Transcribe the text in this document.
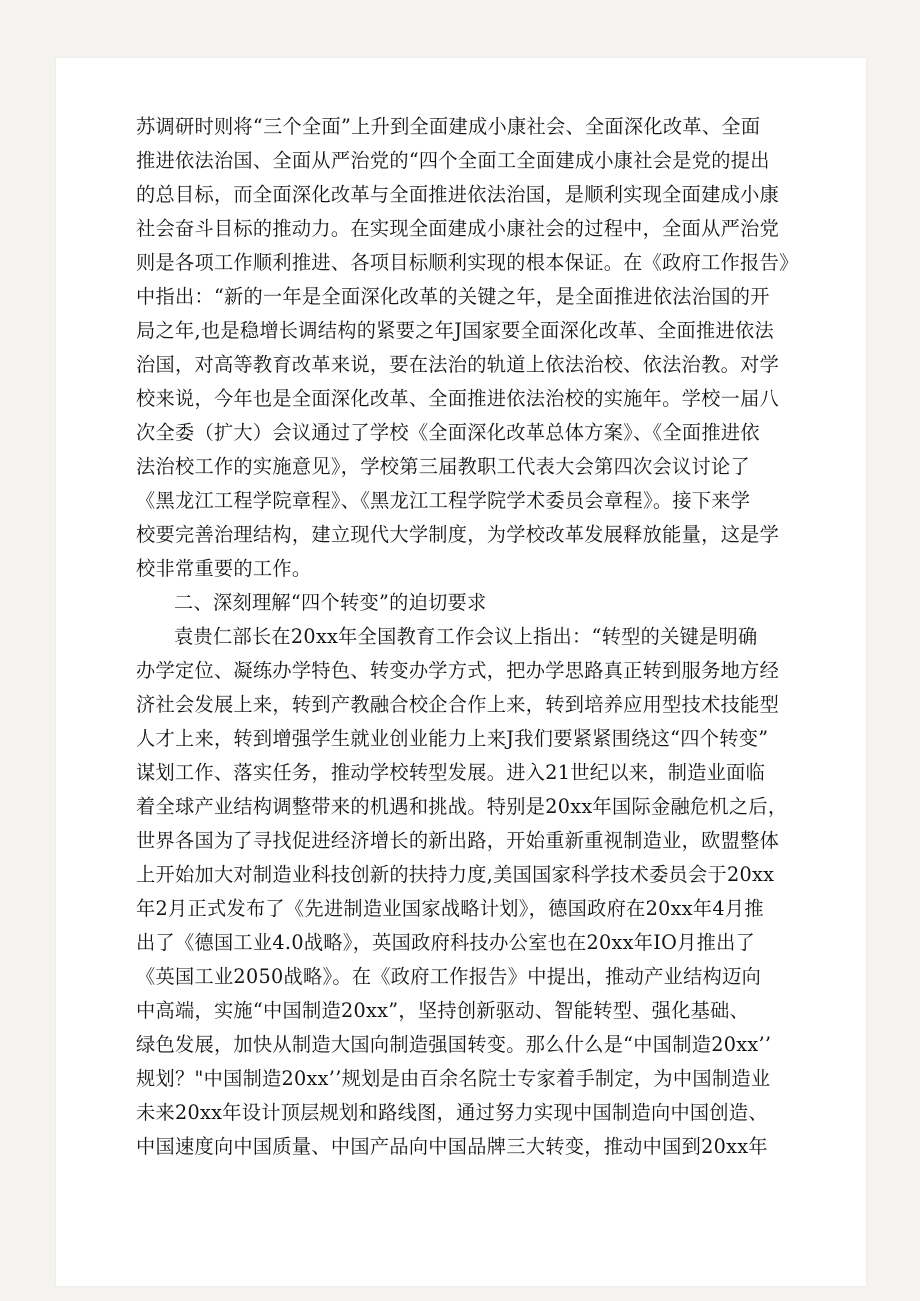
苏调研时则将“三个全面”上升到全面建成小康社会、全面深化改革、全面
推进依法治国、全面从严治党的“四个全面工全面建成小康社会是党的提出
的总目标，而全面深化改革与全面推进依法治国，是顺利实现全面建成小康
社会奋斗目标的推动力。在实现全面建成小康社会的过程中，全面从严治党
则是各项工作顺利推进、各项目标顺利实现的根本保证。在《政府工作报告》
中指出：“新的一年是全面深化改革的关键之年，是全面推进依法治国的开
局之年,也是稳增长调结构的紧要之年J国家要全面深化改革、全面推进依法
治国，对高等教育改革来说，要在法治的轨道上依法治校、依法治教。对学
校来说，今年也是全面深化改革、全面推进依法治校的实施年。学校一届八
次全委（扩大）会议通过了学校《全面深化改革总体方案》、《全面推进依
法治校工作的实施意见》，学校第三届教职工代表大会第四次会议讨论了
《黑龙江工程学院章程》、《黑龙江工程学院学术委员会章程》。接下来学
校要完善治理结构，建立现代大学制度，为学校改革发展释放能量，这是学
校非常重要的工作。
二、深刻理解“四个转变”的迫切要求
袁贵仁部长在20xx年全国教育工作会议上指出：“转型的关键是明确
办学定位、凝练办学特色、转变办学方式，把办学思路真正转到服务地方经
济社会发展上来，转到产教融合校企合作上来，转到培养应用型技术技能型
人才上来，转到增强学生就业创业能力上来J我们要紧紧围绕这“四个转变”
谋划工作、落实任务，推动学校转型发展。进入21世纪以来，制造业面临
着全球产业结构调整带来的机遇和挑战。特别是20xx年国际金融危机之后，
世界各国为了寻找促进经济增长的新出路，开始重新重视制造业，欧盟整体
上开始加大对制造业科技创新的扶持力度,美国国家科学技术委员会于20xx
年2月正式发布了《先进制造业国家战略计划》，德国政府在20xx年4月推
出了《德国工业4.0战略》，英国政府科技办公室也在20xx年IO月推出了
《英国工业2050战略》。在《政府工作报告》中提出，推动产业结构迈向
中高端，实施“中国制造20xx”，坚持创新驱动、智能转型、强化基础、
绿色发展，加快从制造大国向制造强国转变。那么什么是“中国制造20xx’’
规划？"中国制造20xx’’规划是由百余名院士专家着手制定，为中国制造业
未来20xx年设计顶层规划和路线图，通过努力实现中国制造向中国创造、
中国速度向中国质量、中国产品向中国品牌三大转变，推动中国到20xx年
